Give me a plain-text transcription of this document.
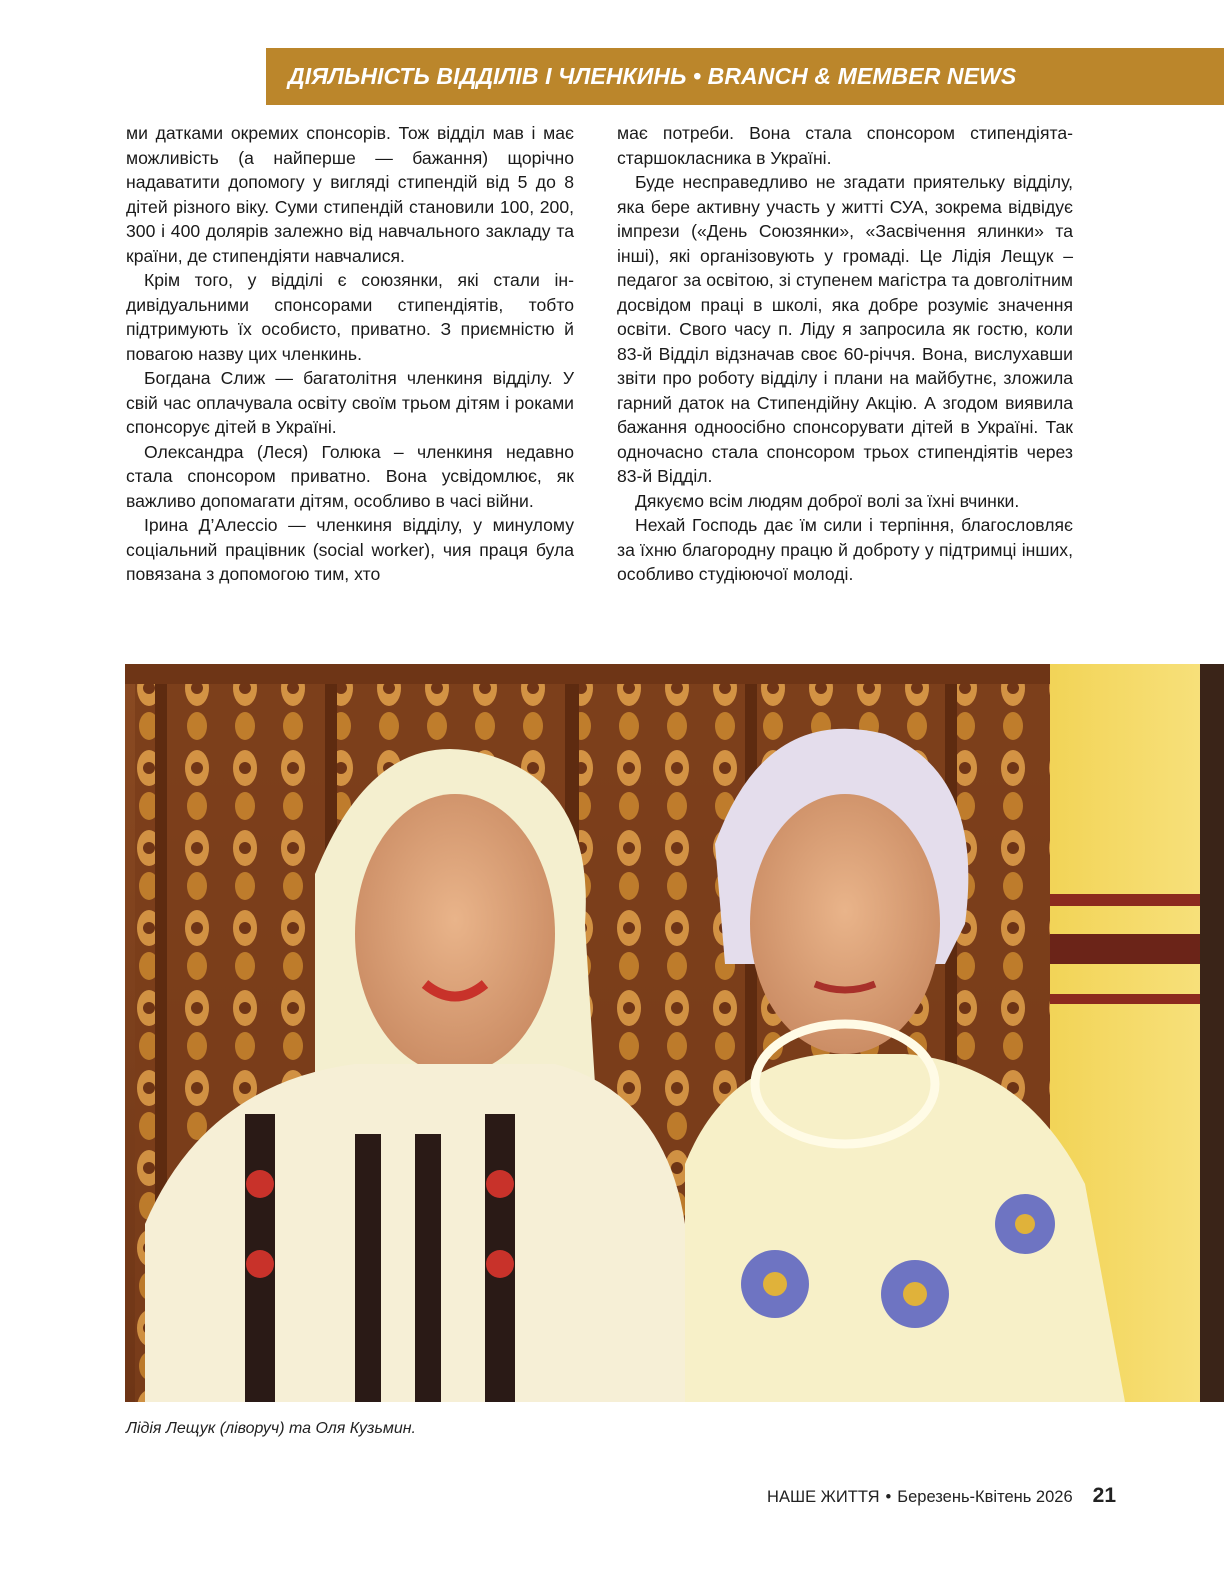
ДІЯЛЬНІСТЬ ВІДДІЛІВ І ЧЛЕНКИНЬ • BRANCH & MEMBER NEWS

ми датками окремих спонсорів. Тож відділ мав і має можливість (а найперше — бажання) щорічно надаватити допомогу у вигляді стипендій від 5 до 8 дітей різного віку. Суми стипендій становили 100, 200, 300 і 400 долярів залежно від навчального закладу та країни, де стипендіяти навчалися.

Крім того, у відділі є союзянки, які стали індивідуальними спонсорами стипендіятів, тобто підтримують їх особисто, приватно. З приємністю й повагою назву цих членкинь.

Богдана Слиж — багатолітня членкиня відділу. У свій час оплачувала освіту своїм трьом дітям і роками спонсорує дітей в Україні.

Олександра (Леся) Голюка – членкиня недавно стала спонсором приватно. Вона усвідомлює, як важливо допомагати дітям, особливо в часі війни.

Ірина Д’Алессіо — членкиня відділу, у минулому соціальний працівник (social worker), чия праця була повязана з допомогою тим, хто

має потреби. Вона стала спонсором стипендіята-старшокласника в Україні.

Буде несправедливо не згадати приятельку відділу, яка бере активну участь у житті СУА, зокрема відвідує імпрези («День Союзянки», «Засвічення ялинки» та інші), які організовують у громаді. Це Лідія Лещук – педагог за освітою, зі ступенем магістра та довголітним досвідом праці в школі, яка добре розуміє значення освіти. Свого часу п. Ліду я запросила як гостю, коли 83-й Відділ відзначав своє 60-річчя. Вона, вислухавши звіти про роботу відділу і плани на майбутнє, зложила гарний даток на Стипендійну Акцію. А згодом виявила бажання одноосібно спонсорувати дітей в Україні. Так одночасно стала спонсором трьох стипендіятів через 83-й Відділ.

Дякуємо всім людям доброї волі за їхні вчинки.

Нехай Господь дає їм сили і терпіння, благословляє за їхню благородну працю й доброту у підтримці інших, особливо студіюючої молоді.

Лідія Лещук (ліворуч) та Оля Кузьмин.
НАШЕ ЖИТТЯ • Березень-Квітень 2026 21
